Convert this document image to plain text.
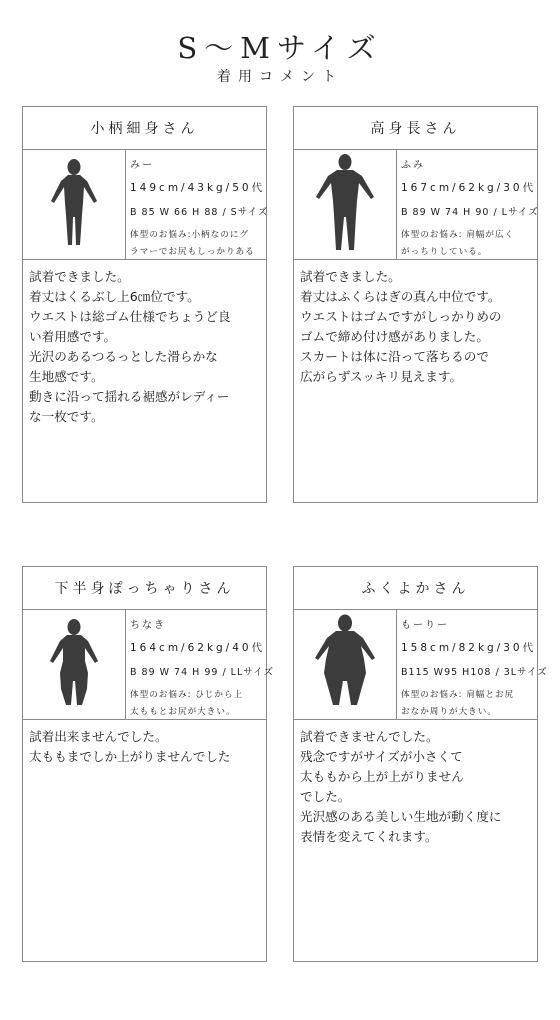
S～Mサイズ
着用コメント
小柄細身さん
みー
149cm/43kg/50代
B 85 W 66 H 88 / Sサイズ
体型のお悩み:小柄なのにグ
ラマーでお尻もしっかりある
試着できました。
着丈はくるぶし上6㎝位です。
ウエストは総ゴム仕様でちょうど良
い着用感です。
光沢のあるつるっとした滑らかな
生地感です。
動きに沿って揺れる裾感がレディー
な一枚です。
高身長さん
ふみ
167cm/62kg/30代
B 89 W 74 H 90 / Lサイズ
体型のお悩み: 肩幅が広く
がっちりしている。
試着できました。
着丈はふくらはぎの真ん中位です。
ウエストはゴムですがしっかりめの
ゴムで締め付け感がありました。
スカートは体に沿って落ちるので
広がらずスッキリ見えます。
下半身ぽっちゃりさん
ちなき
164cm/62kg/40代
B 89 W 74 H 99 / LLサイズ
体型のお悩み: ひじから上
太ももとお尻が大きい。
試着出来ませんでした。
太ももまでしか上がりませんでした
ふくよかさん
もーりー
158cm/82kg/30代
B115 W95 H108 / 3Lサイズ
体型のお悩み: 肩幅とお尻
おなか周りが大きい。
試着できませんでした。
残念ですがサイズが小さくて
太ももから上が上がりません
でした。
光沢感のある美しい生地が動く度に
表情を変えてくれます。
